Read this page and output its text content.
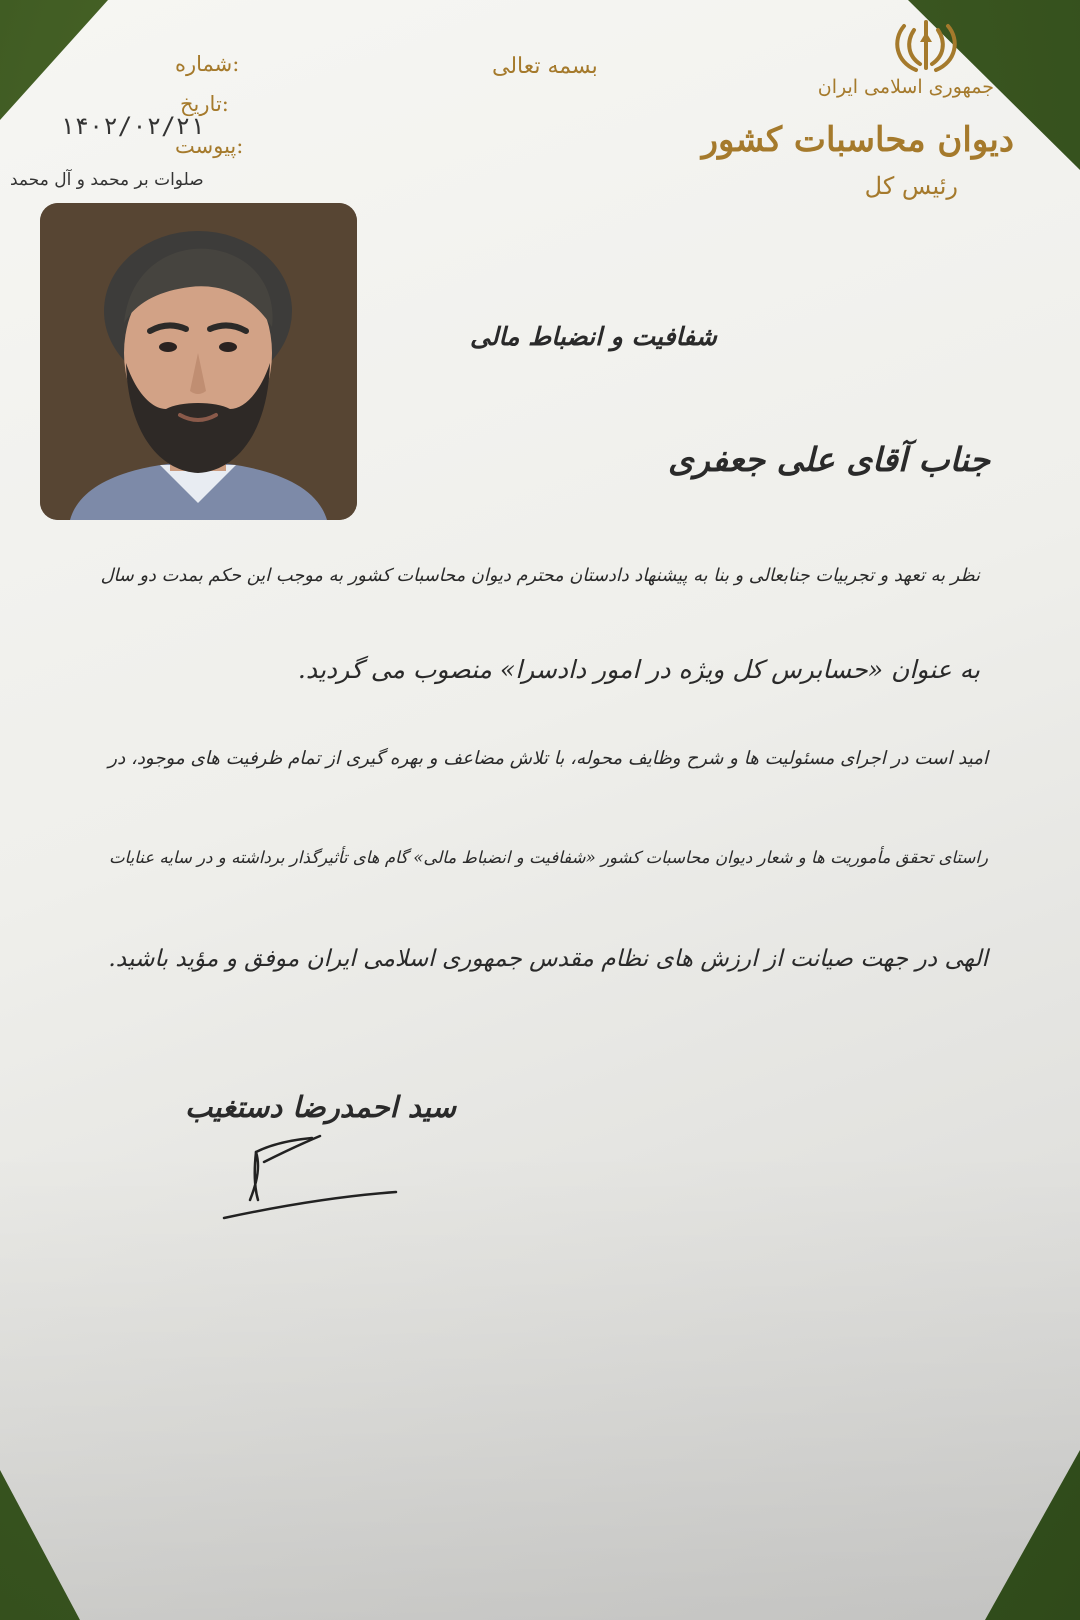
جمهوری اسلامی ایران
دیوان محاسبات کشور
رئیس کل
بسمه تعالی
شماره:
تاریخ:
پیوست:
۱۴۰۲/۰۲/۲۱
صلوات بر محمد و آل محمد
شفافیت و انضباط مالی
جناب آقای علی جعفری
نظر به تعهد و تجربیات جنابعالی و بنا به پیشنهاد دادستان محترم دیوان محاسبات کشور به موجب این حکم بمدت دو سال
به عنوان «حسابرس کل ویژه در امور دادسرا» منصوب می گردید.
امید است در اجرای مسئولیت ها و شرح وظایف محوله، با تلاش مضاعف و بهره گیری از تمام ظرفیت های موجود، در
راستای تحقق مأموریت ها و شعار دیوان محاسبات کشور «شفافیت و انضباط مالی» گام های تأثیرگذار برداشته و در سایه عنایات
الهی در جهت صیانت از ارزش های نظام مقدس جمهوری اسلامی ایران موفق و مؤید باشید.
سید احمدرضا دستغیب
